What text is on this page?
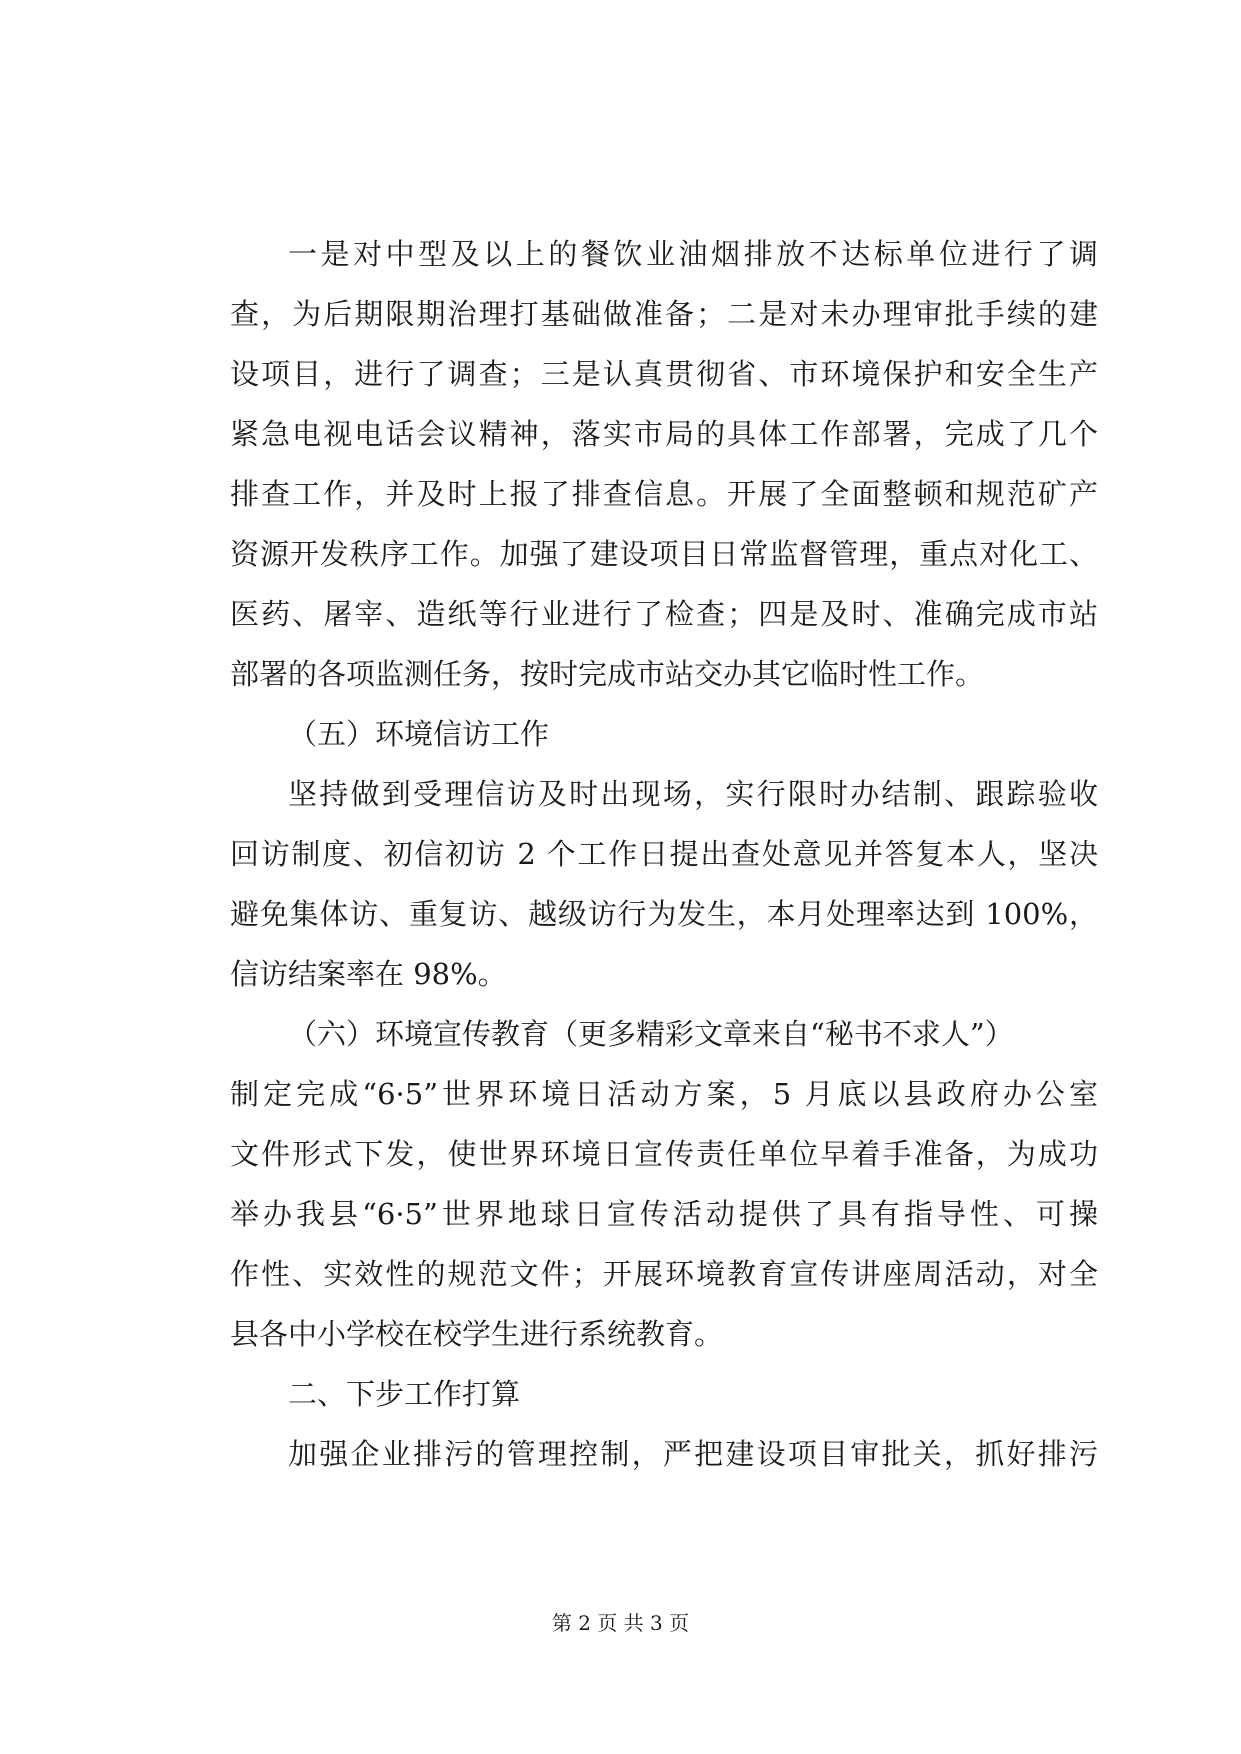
一是对中型及以上的餐饮业油烟排放不达标单位进行了调
查，为后期限期治理打基础做准备；二是对未办理审批手续的建
设项目，进行了调查；三是认真贯彻省、市环境保护和安全生产
紧急电视电话会议精神，落实市局的具体工作部署，完成了几个
排查工作，并及时上报了排查信息。开展了全面整顿和规范矿产
资源开发秩序工作。加强了建设项目日常监督管理，重点对化工、
医药、屠宰、造纸等行业进行了检查；四是及时、准确完成市站
部署的各项监测任务，按时完成市站交办其它临时性工作。
（五）环境信访工作
坚持做到受理信访及时出现场，实行限时办结制、跟踪验收
回访制度、初信初访 2 个工作日提出查处意见并答复本人，坚决
避免集体访、重复访、越级访行为发生，本月处理率达到 100%，
信访结案率在 98%。
（六）环境宣传教育（更多精彩文章来自“秘书不求人”）
制定完成“6·5”世界环境日活动方案，5 月底以县政府办公室
文件形式下发，使世界环境日宣传责任单位早着手准备，为成功
举办我县“6·5”世界地球日宣传活动提供了具有指导性、可操
作性、实效性的规范文件；开展环境教育宣传讲座周活动，对全
县各中小学校在校学生进行系统教育。
二、下步工作打算
加强企业排污的管理控制，严把建设项目审批关，抓好排污
第 2 页 共 3 页
